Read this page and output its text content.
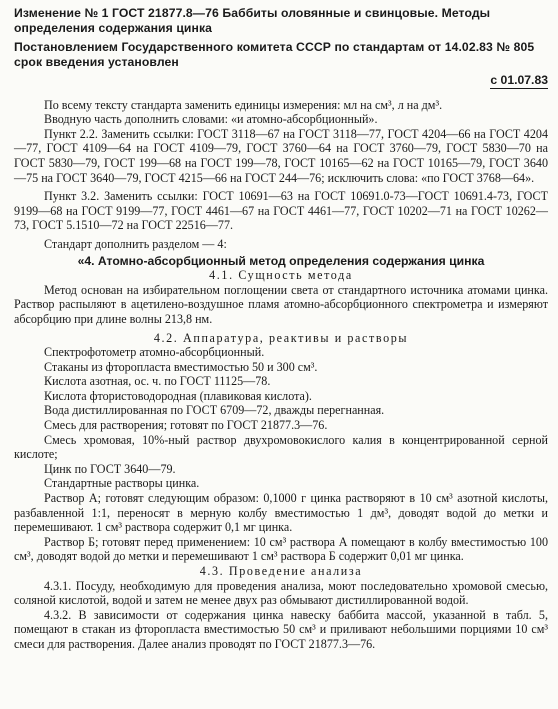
Изменение № 1 ГОСТ 21877.8—76 Баббиты оловянные и свинцовые. Методы определения содержания цинка
Постановлением Государственного комитета СССР по стандартам от 14.02.83 № 805 срок введения установлен
с 01.07.83

По всему тексту стандарта заменить единицы измерения: мл на см³, л на дм³.

Вводную часть дополнить словами: «и атомно-абсорбционный».

Пункт 2.2. Заменить ссылки: ГОСТ 3118—67 на ГОСТ 3118—77, ГОСТ 4204—66 на ГОСТ 4204—77, ГОСТ 4109—64 на ГОСТ 4109—79, ГОСТ 3760—64 на ГОСТ 3760—79, ГОСТ 5830—70 на ГОСТ 5830—79, ГОСТ 199—68 на ГОСТ 199—78, ГОСТ 10165—62 на ГОСТ 10165—79, ГОСТ 3640—75 на ГОСТ 3640—79, ГОСТ 4215—66 на ГОСТ 244—76; исключить слова: «по ГОСТ 3768—64».

Пункт 3.2. Заменить ссылки: ГОСТ 10691—63 на ГОСТ 10691.0-73—ГОСТ 10691.4-73, ГОСТ 9199—68 на ГОСТ 9199—77, ГОСТ 4461—67 на ГОСТ 4461—77, ГОСТ 10202—71 на ГОСТ 10262—73, ГОСТ 5.1510—72 на ГОСТ 22516—77.

Стандарт дополнить разделом — 4:

«4. Атомно-абсорбционный метод определения содержания цинка
4.1. Сущность метода

Метод основан на избирательном поглощении света от стандартного источника атомами цинка. Раствор распыляют в ацетилено-воздушное пламя атомно-абсорбционного спектрометра и измеряют абсорбцию при длине волны 213,8 нм.

4.2. Аппаратура, реактивы и растворы
Спектрофотометр атомно-абсорбционный.
Стаканы из фторопласта вместимостью 50 и 300 см³.
Кислота азотная, ос. ч. по ГОСТ 11125—78.
Кислота фтористоводородная (плавиковая кислота).
Вода дистиллированная по ГОСТ 6709—72, дважды перегнанная.
Смесь для растворения; готовят по ГОСТ 21877.3—76.

Смесь хромовая, 10%-ный раствор двухромовокислого калия в концентрированной серной кислоте;

Цинк по ГОСТ 3640—79.
Стандартные растворы цинка.

Раствор А; готовят следующим образом: 0,1000 г цинка растворяют в 10 см³ азотной кислоты, разбавленной 1:1, переносят в мерную колбу вместимостью 1 дм³, доводят водой до метки и перемешивают. 1 см³ раствора содержит 0,1 мг цинка.

Раствор Б; готовят перед применением: 10 см³ раствора А помещают в колбу вместимостью 100 см³, доводят водой до метки и перемешивают 1 см³ раствора Б содержит 0,01 мг цинка.

4.3. Проведение анализа

4.3.1. Посуду, необходимую для проведения анализа, моют последовательно хромовой смесью, соляной кислотой, водой и затем не менее двух раз обмывают дистиллированной водой.

4.3.2. В зависимости от содержания цинка навеску баббита массой, указанной в табл. 5, помещают в стакан из фторопласта вместимостью 50 см³ и приливают небольшими порциями 10 см³ смеси для растворения. Далее анализ проводят по ГОСТ 21877.3—76.
